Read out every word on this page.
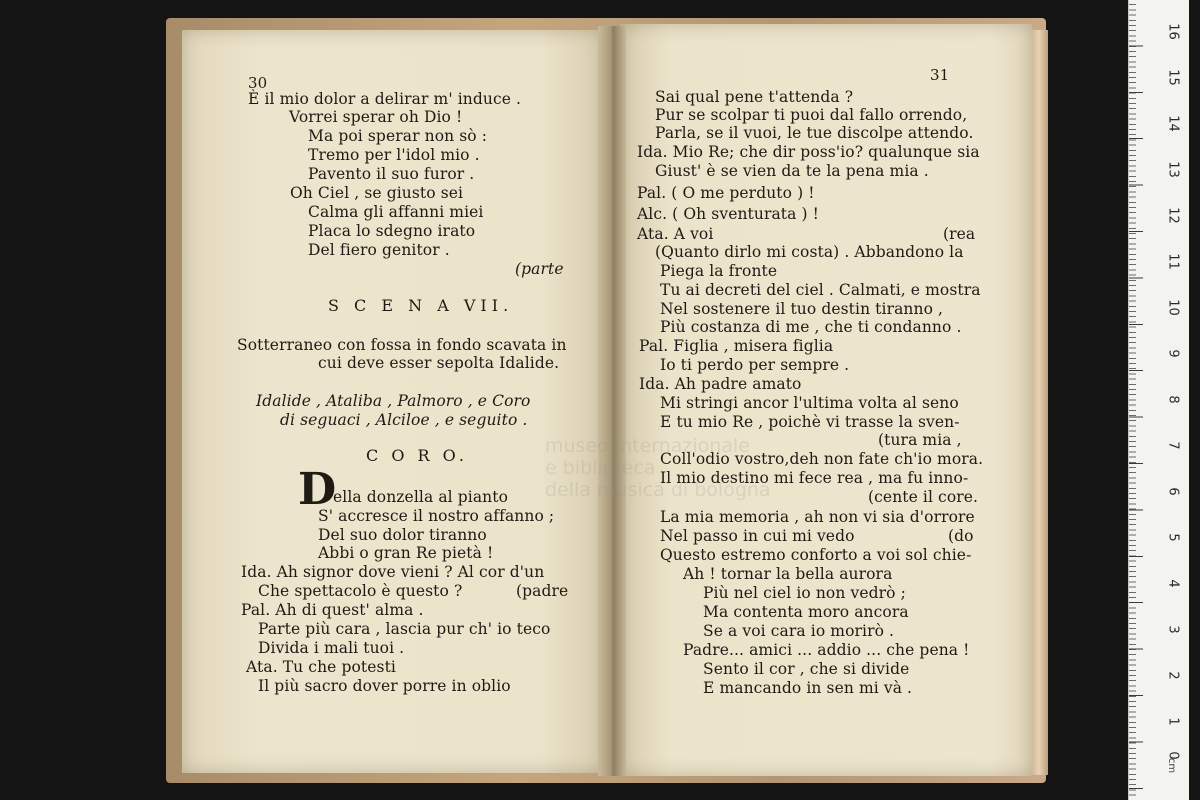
museo internazionale
e biblioteca
della musica di bologna
30
È il mio dolor a delirar m' induce .
Vorrei sperar oh Dio !
Ma poi sperar non sò :
Tremo per l'idol mio .
Pavento il suo furor .
Oh Ciel , se giusto sei
Calma gli affanni miei
Placa lo sdegno irato
Del fiero genitor .
(parte
S C E N A VII.
Sotterraneo con fossa in fondo scavata in
cui deve esser sepolta Idalide.
Idalide , Ataliba , Palmoro , e Coro
di seguaci , Alciloe , e seguito .
C O R O.
D
ella donzella al pianto
S' accresce il nostro affanno ;
Del suo dolor tiranno
Abbi o gran Re pietà !
Ida. Ah signor dove vieni ? Al cor d'un
Che spettacolo è questo ?	(padre
Pal. Ah di quest' alma .
Parte più cara , lascia pur ch' io teco
Divida i mali tuoi .
Ata. Tu che potesti
Il più sacro dover porre in oblio
31
Sai qual pene t'attenda ?
Pur se scolpar ti puoi dal fallo orrendo,
Parla, se il vuoi, le tue discolpe attendo.
Ida. Mio Re; che dir poss'io? qualunque sia
Giust' è se vien da te la pena mia .
Pal. ( O me perduto ) !
Alc. ( Oh sventurata ) !
Ata. A voi	(rea
(Quanto dirlo mi costa) . Abbandono la
Piega la fronte
Tu ai decreti del ciel . Calmati, e mostra
Nel sostenere il tuo destin tiranno ,
Più costanza di me , che ti condanno .
Pal. Figlia , misera figlia
Io ti perdo per sempre .
Ida. Ah padre amato
Mi stringi ancor l'ultima volta al seno
E tu mio Re , poichè vi trasse la sven-
(tura mia ,
Coll'odio vostro,deh non fate ch'io mora.
Il mio destino mi fece rea , ma fu inno-
(cente il core.
La mia memoria , ah non vi sia d'orrore
Nel passo in cui mi vedo	(do
Questo estremo conforto a voi sol chie-
Ah ! tornar la bella aurora
Più nel ciel io non vedrò ;
Ma contenta moro ancora
Se a voi cara io morirò .
Padre... amici ... addio ... che pena !
Sento il cor , che si divide
E mancando in sen mi và .
16
15
14
13
12
11
10
9
8
7
6
5
4
3
2
1
0
cm
